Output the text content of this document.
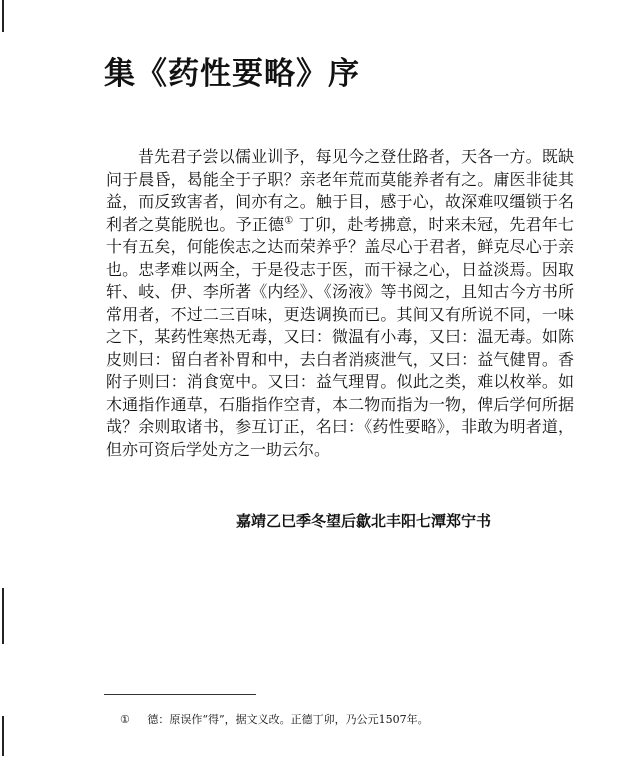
集《药性要略》序

昔先君子尝以儒业训予，每见今之登仕路者，天各一方。既缺问于晨昏，曷能全于子职？亲老年荒而莫能养者有之。庸医非徒其益，而反致害者，间亦有之。触于目，感于心，故深难叹缰锁于名利者之莫能脱也。予正德① 丁卯，赴考拂意，时来未冠，先君年七十有五矣，何能俟志之达而荣养乎？盖尽心于君者，鲜克尽心于亲也。忠孝难以两全，于是役志于医，而干禄之心，日益淡焉。因取轩、岐、伊、李所著《内经》、《汤液》等书阅之，且知古今方书所常用者，不过二三百味，更迭调换而已。其间又有所说不同，一味之下，某药性寒热无毒，又曰：微温有小毒，又曰：温无毒。如陈皮则曰：留白者补胃和中，去白者消痰泄气，又曰：益气健胃。香附子则曰：消食宽中。又曰：益气理胃。似此之类，难以枚举。如木通指作通草，石脂指作空青，本二物而指为一物，俾后学何所据哉？余则取诸书，参互订正，名曰：《药性要略》，非敢为明者道，但亦可资后学处方之一助云尔。

嘉靖乙巳季冬望后歙北丰阳七潭郑宁书
① 德：原误作“得”，据文义改。正德丁卯，乃公元1507年。
